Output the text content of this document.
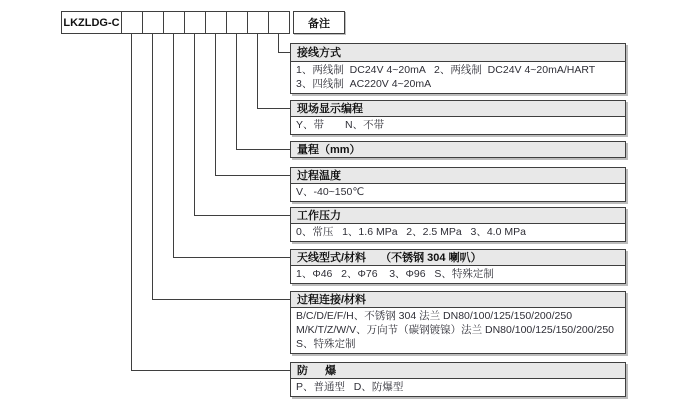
LKZLDG-C	备注
接线方式
1、两线制  DC24V 4~20mA   2、两线制  DC24V 4~20mA/HART
3、四线制  AC220V 4~20mA
现场显示编程
Y、带　　N、不带
量程（mm）
过程温度
V、-40~150℃
工作压力
0、常压   1、1.6 MPa   2、2.5 MPa   3、4.0 MPa
天线型式/材料　 （不锈钢 304 喇叭）
1、Φ46   2、Φ76    3、Φ96   S、特殊定制
过程连接/材料
B/C/D/E/F/H、不锈钢 304 法兰 DN80/100/125/150/200/250
M/K/T/Z/W/V、万向节（碳钢镀镍）法兰 DN80/100/125/150/200/250
S、特殊定制
防　  爆
P、普通型   D、防爆型
